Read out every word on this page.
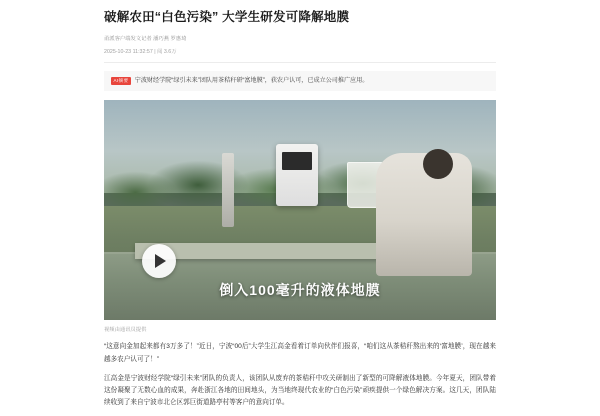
破解农田“白色污染” 大学生研发可降解地膜
甬派客户端发文记者 潘巧燕 罗惠琦
2025-10-23 11:32:57 | 阅 3.6万
AI摘要	宁波财经学院“绿引未来”团队用茶秸秆研“富地膜”，获农户认可，已成立公司推广应用。
倒入100毫升的液体地膜
视频由通讯员提供

“这意向金加起来都有3万多了！”近日，宁波“00后”大学生江高金看着订单向伙伴们报喜，“咱们这从茶秸秆熬出来的‘富地膜’，现在越来越多农户认可了！”

江高金是宁波财经学院“绿引未来”团队的负责人，该团队从废弃的茶秸秆中攻关研制出了新型的可降解液体地膜。今年夏天，团队带着这份凝聚了无数心血的成果，奔赴浙江各地的田间地头，为当地终现代农业的“白色污染”顽疾提供一个绿色解决方案。这几天，团队陆续收到了来自宁波市北仑区郭巨街道路亭村等客户的意向订单。
